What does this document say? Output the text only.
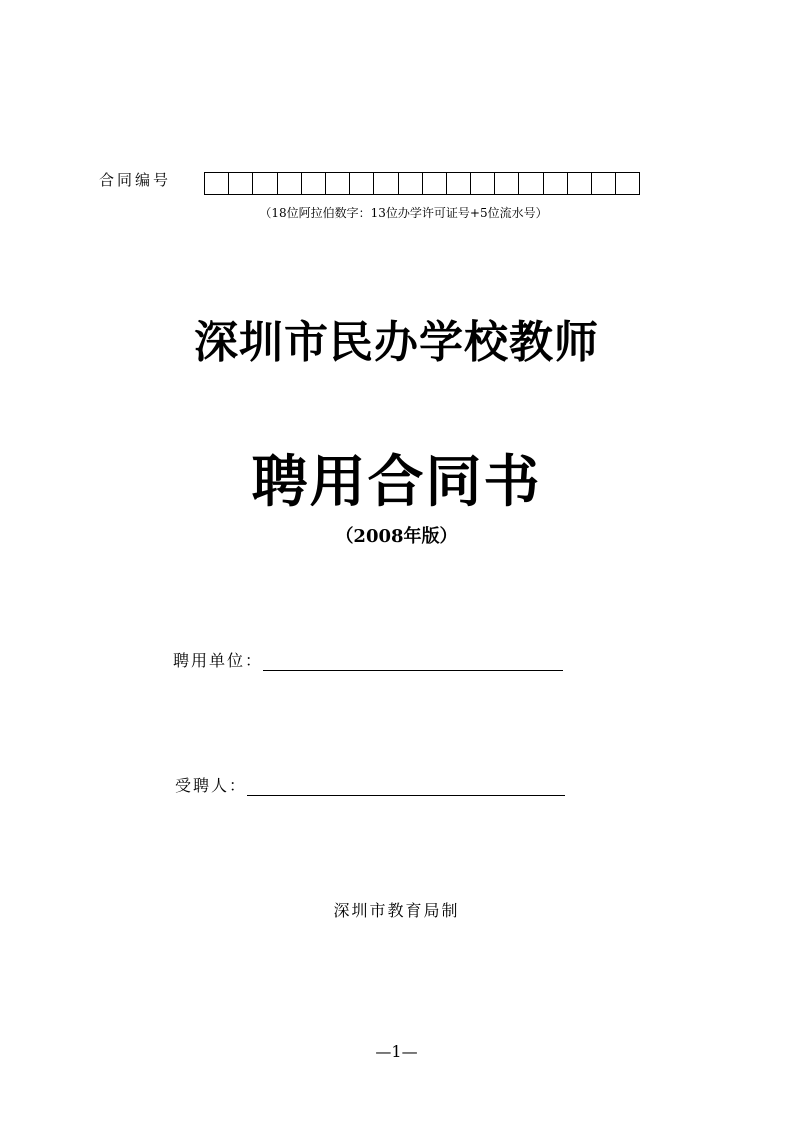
合同编号
（18位阿拉伯数字：13位办学许可证号+5位流水号）
深圳市民办学校教师
聘用合同书
（2008年版）
聘用单位：
受聘人：
深圳市教育局制
—1—
